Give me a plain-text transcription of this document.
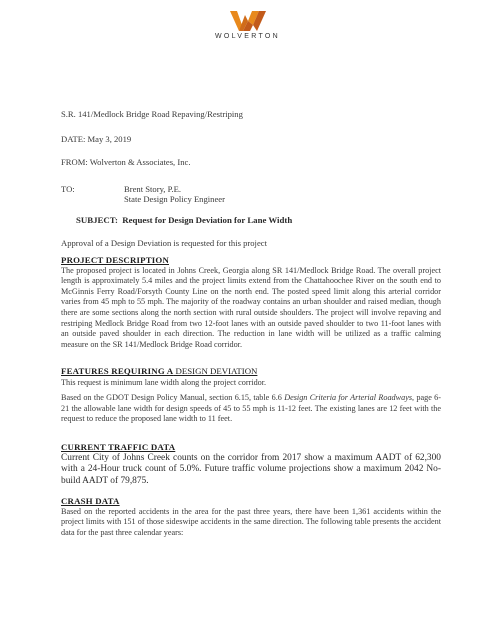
WOLVERTON
S.R. 141/Medlock Bridge Road Repaving/Restriping
DATE: May 3, 2019
FROM: Wolverton & Associates, Inc.
TO:	Brent Story, P.E.
State Design Policy Engineer
SUBJECT: Request for Design Deviation for Lane Width
Approval of a Design Deviation is requested for this project
PROJECT DESCRIPTION
The proposed project is located in Johns Creek, Georgia along SR 141/Medlock Bridge Road. The overall project length is approximately 5.4 miles and the project limits extend from the Chattahoochee River on the south end to McGinnis Ferry Road/Forsyth County Line on the north end. The posted speed limit along this arterial corridor varies from 45 mph to 55 mph. The majority of the roadway contains an urban shoulder and raised median, though there are some sections along the north section with rural outside shoulders. The project will involve repaving and restriping Medlock Bridge Road from two 12-foot lanes with an outside paved shoulder to two 11-foot lanes with an outside paved shoulder in each direction. The reduction in lane width will be utilized as a traffic calming measure on the SR 141/Medlock Bridge Road corridor.
FEATURES REQUIRING A DESIGN DEVIATION
This request is minimum lane width along the project corridor.
Based on the GDOT Design Policy Manual, section 6.15, table 6.6 Design Criteria for Arterial Roadways, page 6-21 the allowable lane width for design speeds of 45 to 55 mph is 11-12 feet. The existing lanes are 12 feet with the request to reduce the proposed lane width to 11 feet.
CURRENT TRAFFIC DATA
Current City of Johns Creek counts on the corridor from 2017 show a maximum AADT of 62,300 with a 24-Hour truck count of 5.0%. Future traffic volume projections show a maximum 2042 No-build AADT of 79,875.
CRASH DATA
Based on the reported accidents in the area for the past three years, there have been 1,361 accidents within the project limits with 151 of those sideswipe accidents in the same direction. The following table presents the accident data for the past three calendar years:
